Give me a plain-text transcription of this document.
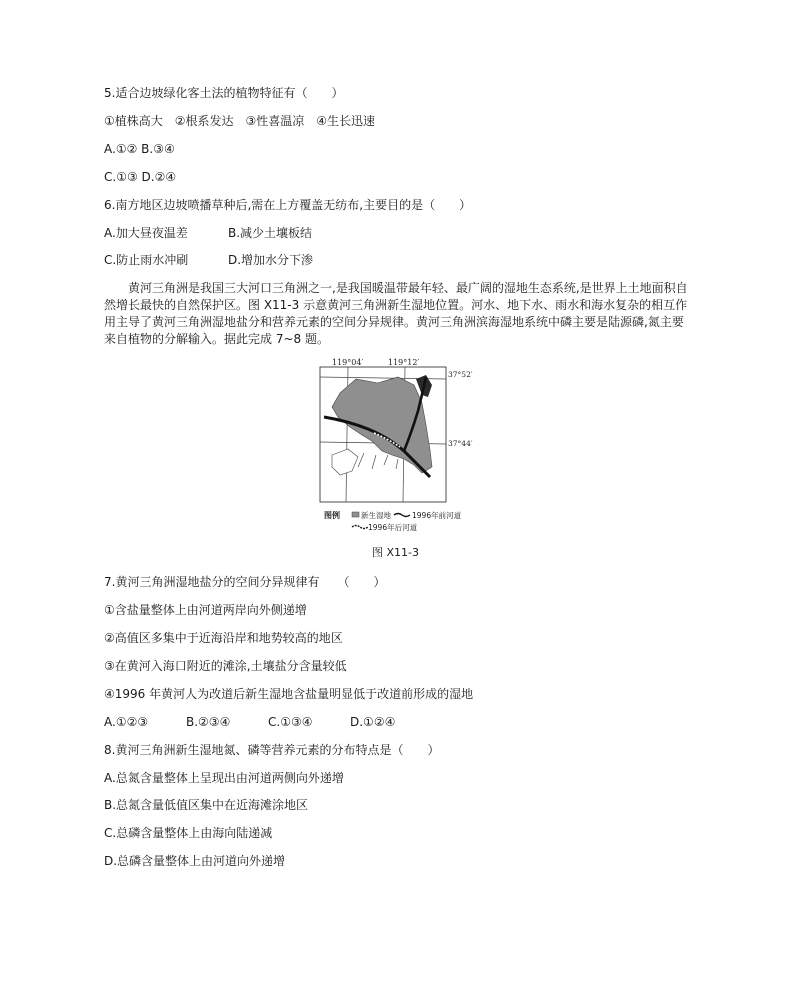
5.适合边坡绿化客土法的植物特征有（　　）
①植株高大　②根系发达　③性喜温凉　④生长迅速
A.①② B.③④
C.①③ D.②④
6.南方地区边坡喷播草种后,需在上方覆盖无纺布,主要目的是（　　）
A.加大昼夜温差	B.减少土壤板结
C.防止雨水冲刷	D.增加水分下渗
黄河三角洲是我国三大河口三角洲之一,是我国暖温带最年轻、最广阔的湿地生态系统,是世界上土地面积自然增长最快的自然保护区。图 X11-3 示意黄河三角洲新生湿地位置。河水、地下水、雨水和海水复杂的相互作用主导了黄河三角洲湿地盐分和营养元素的空间分异规律。黄河三角洲滨海湿地系统中磷主要是陆源磷,氮主要来自植物的分解输入。据此完成 7~8 题。
119°04′	119°12′
37°52′
37°44′
图例	新生湿地	1996年前河道
1996年后河道
图 X11-3
7.黄河三角洲湿地盐分的空间分异规律有　　（　　）
①含盐量整体上由河道两岸向外侧递增
②高值区多集中于近海沿岸和地势较高的地区
③在黄河入海口附近的滩涂,土壤盐分含量较低
④1996 年黄河人为改道后新生湿地含盐量明显低于改道前形成的湿地
A.①②③	B.②③④	C.①③④	D.①②④
8.黄河三角洲新生湿地氮、磷等营养元素的分布特点是（　　）
A.总氮含量整体上呈现出由河道两侧向外递增
B.总氮含量低值区集中在近海滩涂地区
C.总磷含量整体上由海向陆递减
D.总磷含量整体上由河道向外递增
